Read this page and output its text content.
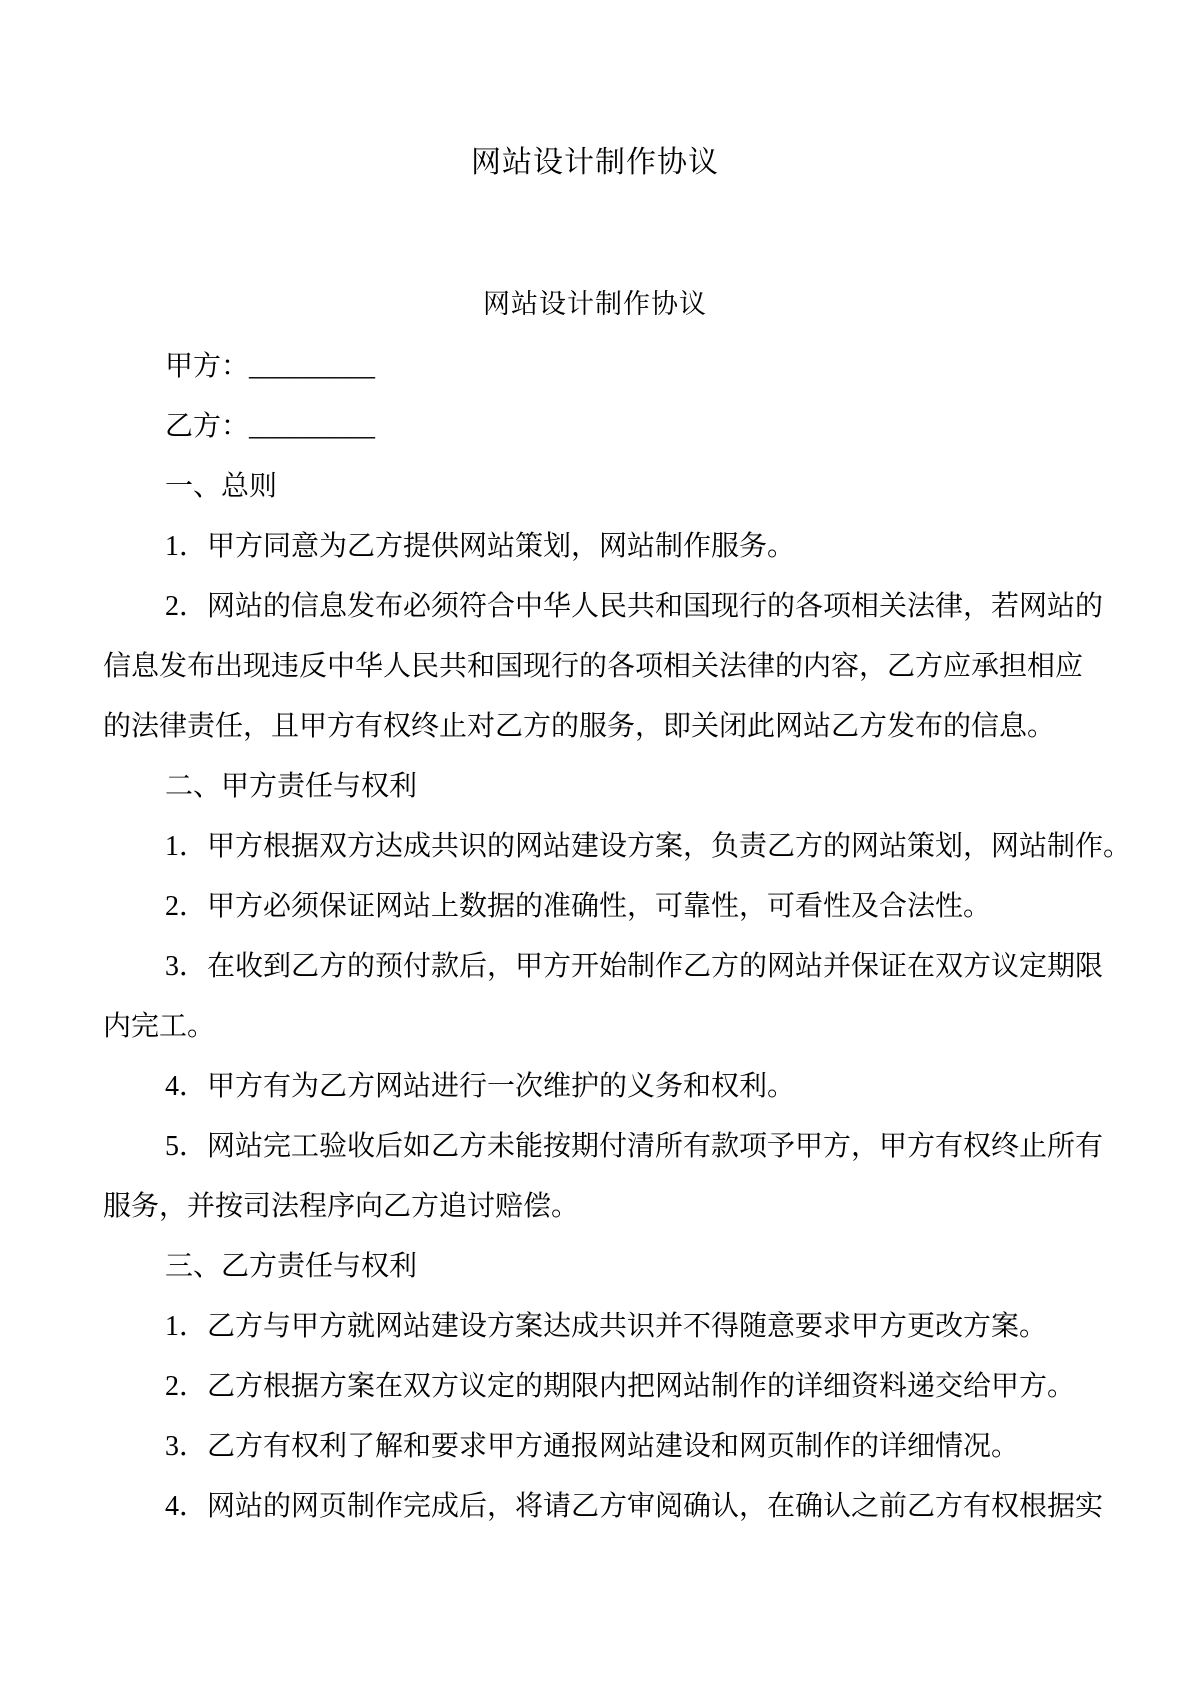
网站设计制作协议
网站设计制作协议
甲方：_________
乙方：_________
一、总则
1．甲方同意为乙方提供网站策划，网站制作服务。
2．网站的信息发布必须符合中华人民共和国现行的各项相关法律，若网站的
信息发布出现违反中华人民共和国现行的各项相关法律的内容，乙方应承担相应
的法律责任，且甲方有权终止对乙方的服务，即关闭此网站乙方发布的信息。
二、甲方责任与权利
1．甲方根据双方达成共识的网站建设方案，负责乙方的网站策划，网站制作。
2．甲方必须保证网站上数据的准确性，可靠性，可看性及合法性。
3．在收到乙方的预付款后，甲方开始制作乙方的网站并保证在双方议定期限
内完工。
4．甲方有为乙方网站进行一次维护的义务和权利。
5．网站完工验收后如乙方未能按期付清所有款项予甲方，甲方有权终止所有
服务，并按司法程序向乙方追讨赔偿。
三、乙方责任与权利
1．乙方与甲方就网站建设方案达成共识并不得随意要求甲方更改方案。
2．乙方根据方案在双方议定的期限内把网站制作的详细资料递交给甲方。
3．乙方有权利了解和要求甲方通报网站建设和网页制作的详细情况。
4．网站的网页制作完成后，将请乙方审阅确认，在确认之前乙方有权根据实
